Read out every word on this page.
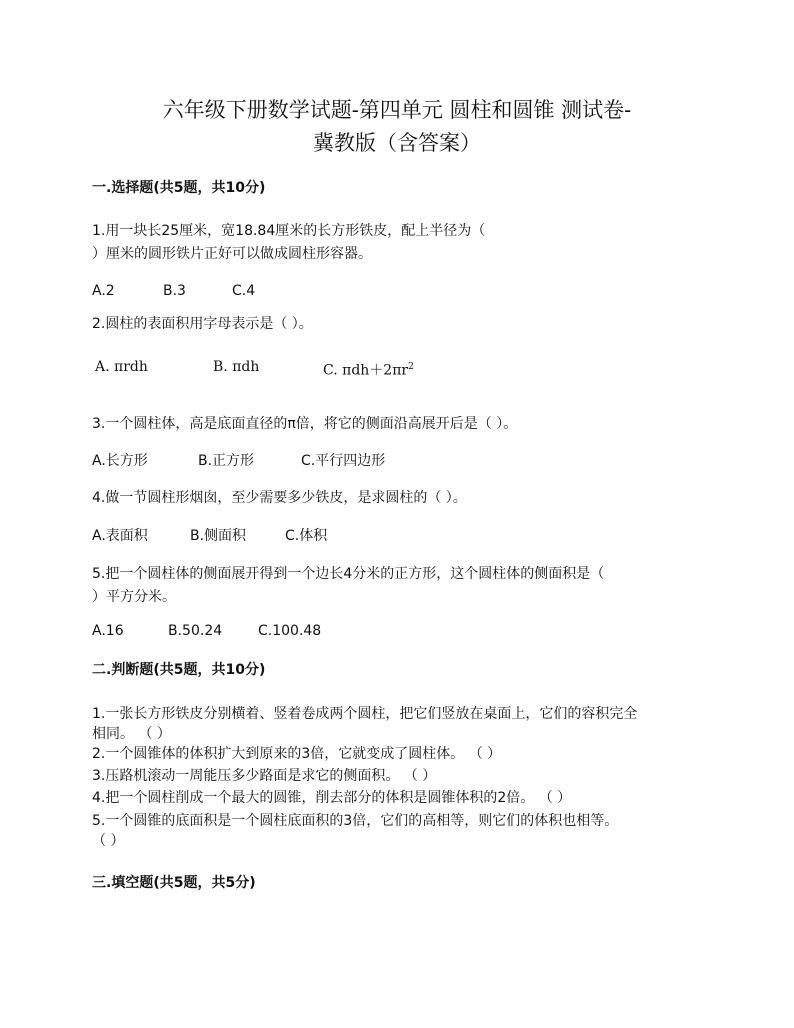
六年级下册数学试题-第四单元 圆柱和圆锥 测试卷-
冀教版（含答案）
一.选择题(共5题，共10分)
1.用一块长25厘米，宽18.84厘米的长方形铁皮，配上半径为（
）厘米的圆形铁片正好可以做成圆柱形容器。
A.2	B.3	C.4
2.圆柱的表面积用字母表示是（ ）。
A. πrdh	B. πdh	C. $\pi dh+2\pi r^2$
3.一个圆柱体，高是底面直径的π倍，将它的侧面沿高展开后是（ ）。
A.长方形	B.正方形	C.平行四边形
4.做一节圆柱形烟囱，至少需要多少铁皮，是求圆柱的（ ）。
A.表面积	B.侧面积	C.体积
5.把一个圆柱体的侧面展开得到一个边长4分米的正方形，这个圆柱体的侧面积是（
）平方分米。
A.16	B.50.24	C.100.48
二.判断题(共5题，共10分)
1.一张长方形铁皮分别横着、竖着卷成两个圆柱，把它们竖放在桌面上，它们的容积完全
相同。 （ ）
2.一个圆锥体的体积扩大到原来的3倍，它就变成了圆柱体。 （ ）
3.压路机滚动一周能压多少路面是求它的侧面积。 （ ）
4.把一个圆柱削成一个最大的圆锥，削去部分的体积是圆锥体积的2倍。 （ ）
5.一个圆锥的底面积是一个圆柱底面积的3倍，它们的高相等，则它们的体积也相等。
（ ）
三.填空题(共5题，共5分)
